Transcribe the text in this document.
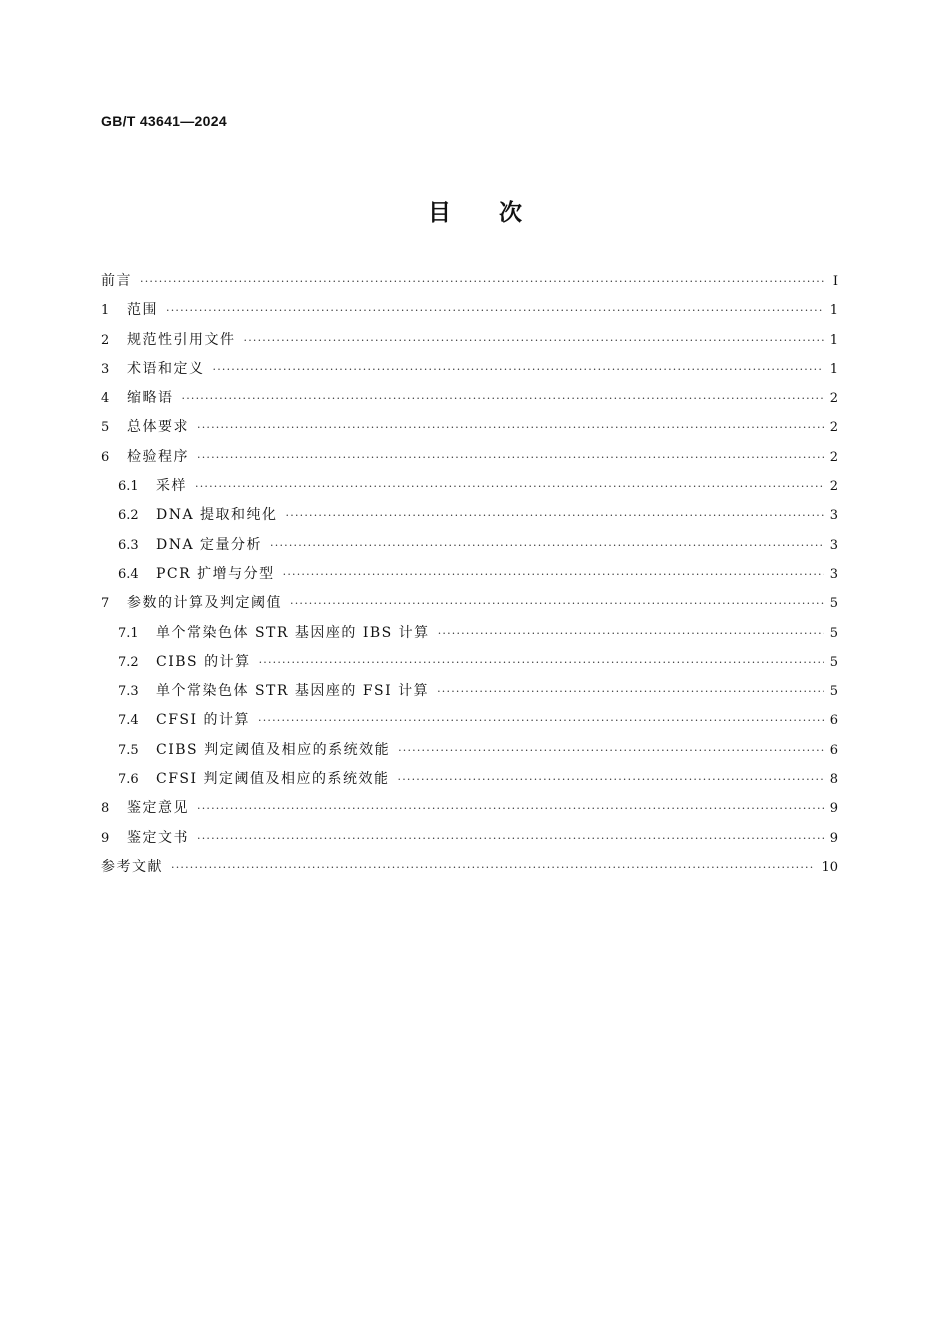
GB/T 43641—2024
目次
前言 ·····	I
1	范围 ·····	1
2	规范性引用文件 ·····	1
3	术语和定义 ·····	1
4	缩略语 ·····	2
5	总体要求 ·····	2
6	检验程序 ·····	2
6.1	采样 ·····	2
6.2	DNA 提取和纯化 ·····	3
6.3	DNA 定量分析 ·····	3
6.4	PCR 扩增与分型 ·····	3
7	参数的计算及判定阈值 ·····	5
7.1	单个常染色体 STR 基因座的 IBS 计算 ·····	5
7.2	CIBS 的计算 ·····	5
7.3	单个常染色体 STR 基因座的 FSI 计算 ·····	5
7.4	CFSI 的计算 ·····	6
7.5	CIBS 判定阈值及相应的系统效能 ·····	6
7.6	CFSI 判定阈值及相应的系统效能 ·····	8
8	鉴定意见 ·····	9
9	鉴定文书 ·····	9
参考文献 ·····	10
